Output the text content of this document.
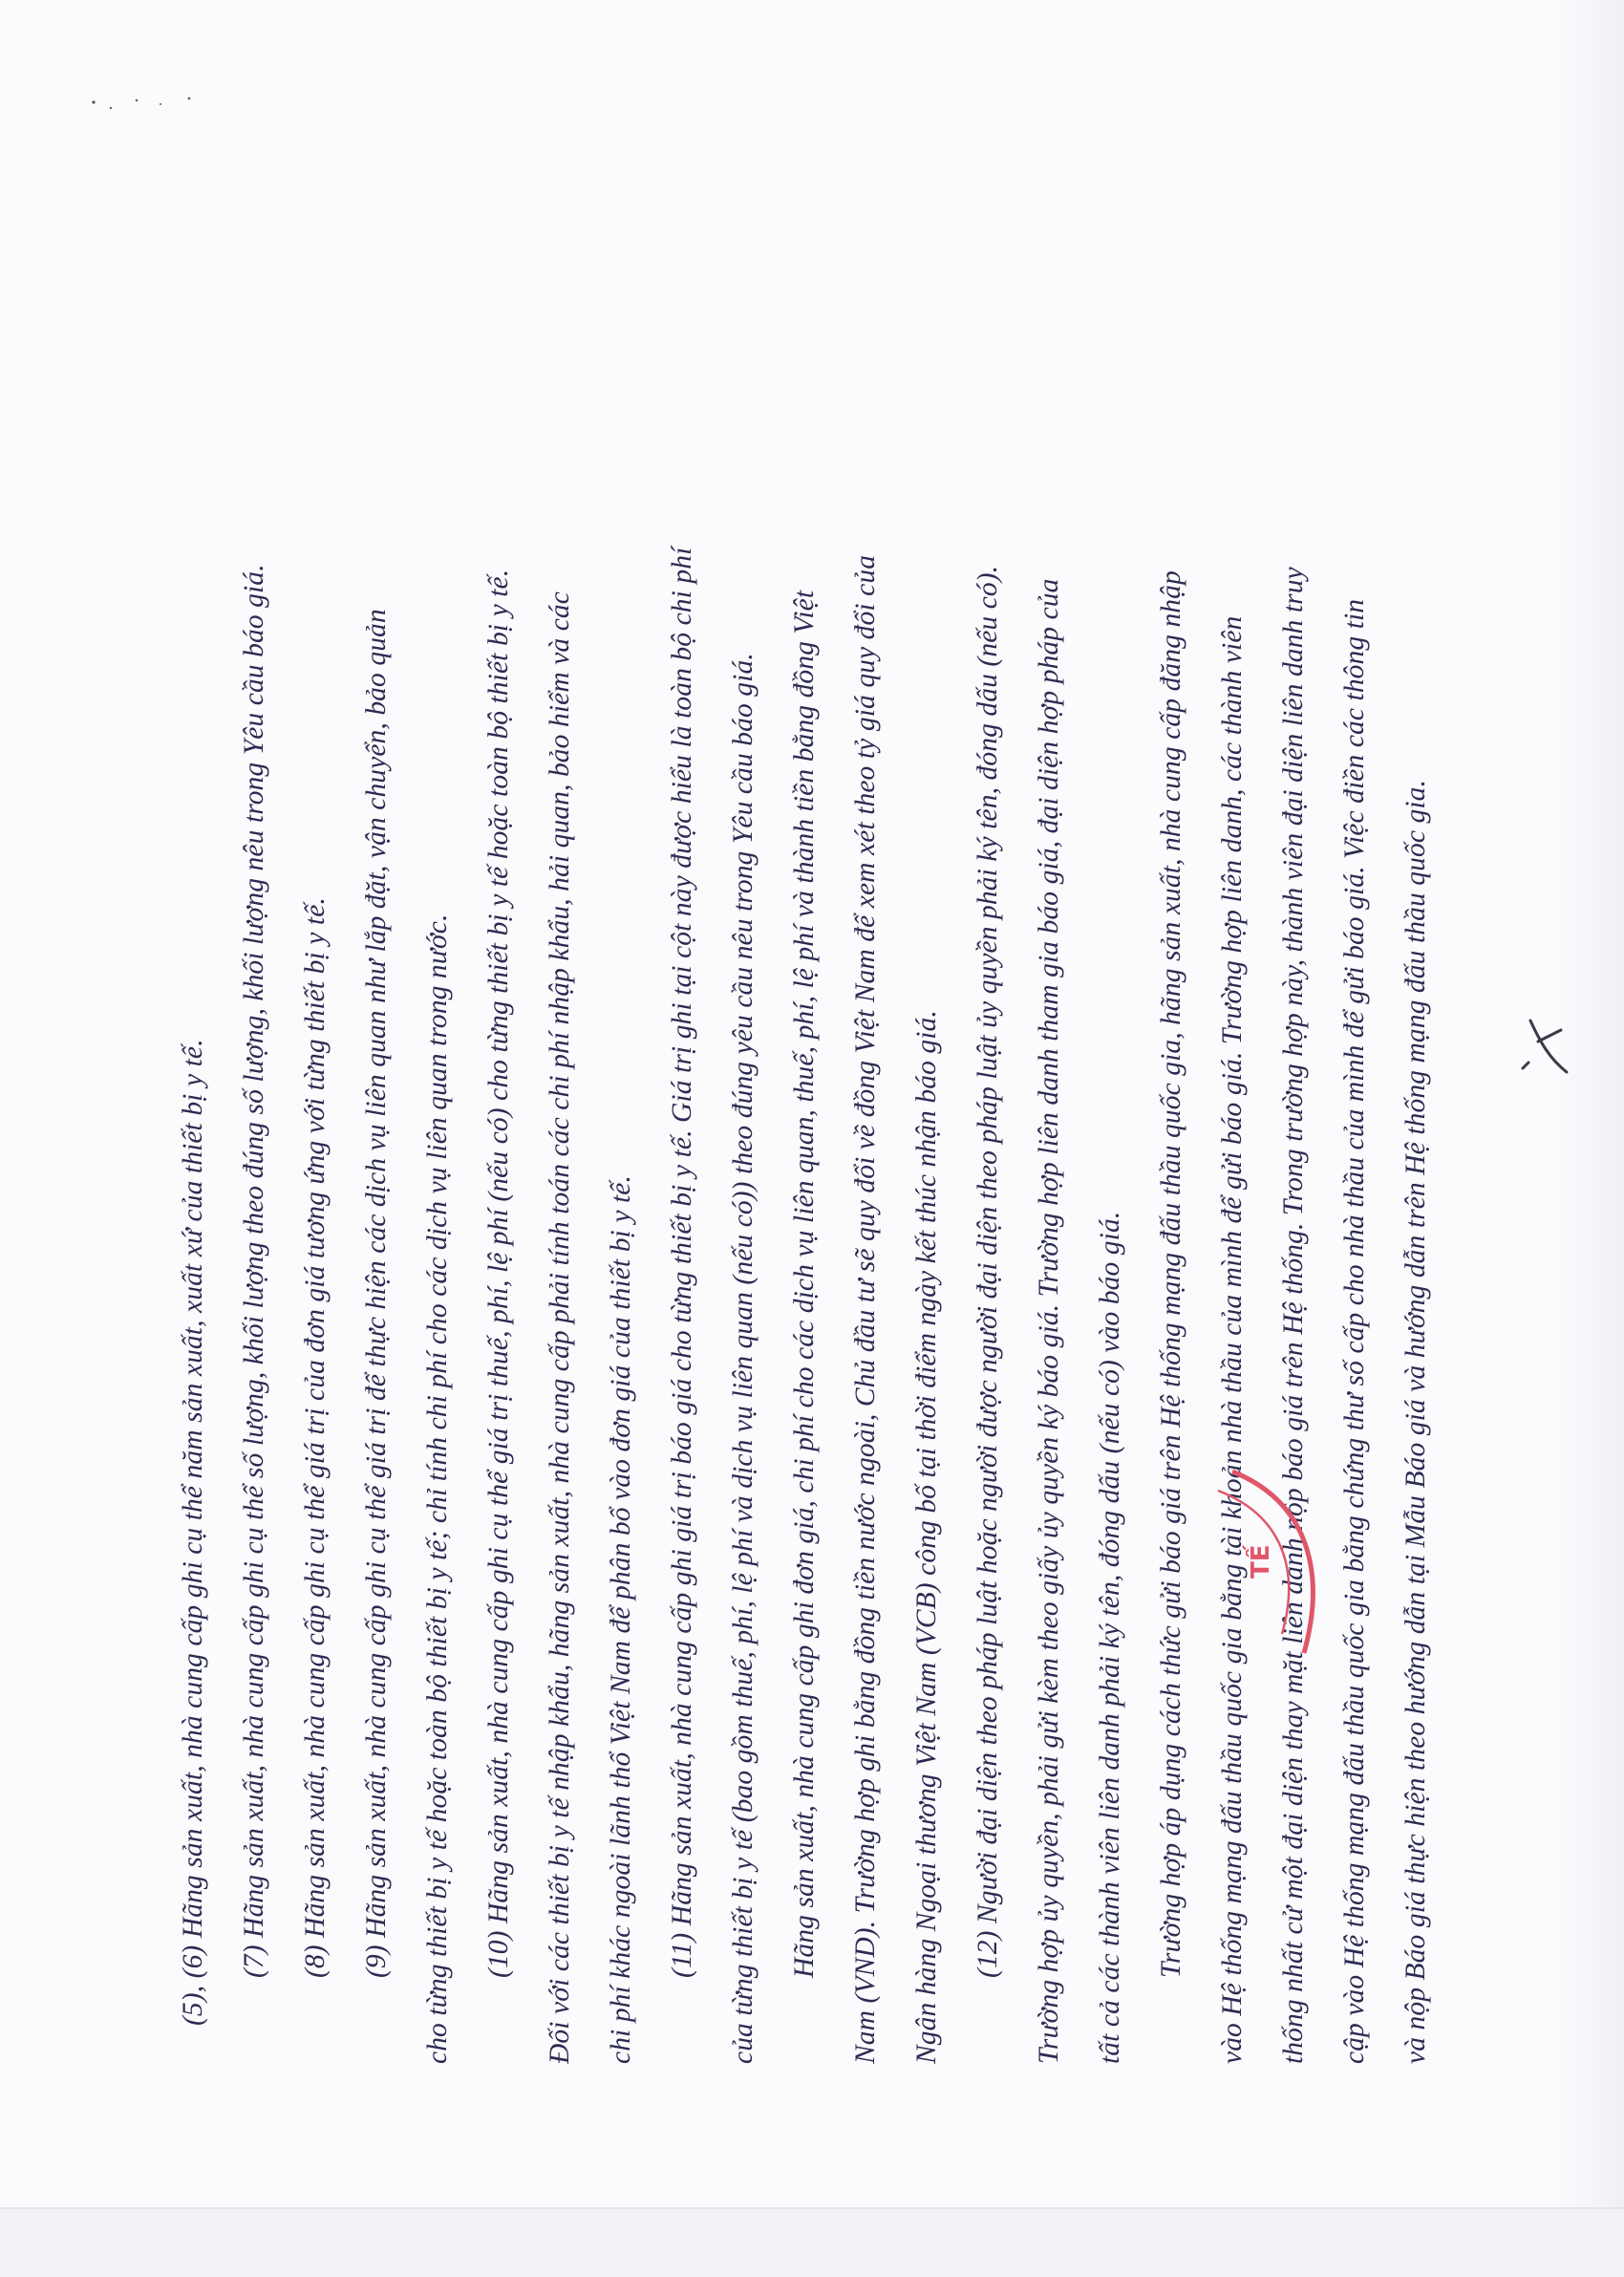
(5), (6) Hãng sản xuất, nhà cung cấp ghi cụ thể năm sản xuất, xuất xứ của thiết bị y tế. (7) Hãng sản xuất, nhà cung cấp ghi cụ thể số lượng, khối lượng theo đúng số lượng, khối lượng nêu trong Yêu cầu báo giá. (8) Hãng sản xuất, nhà cung cấp ghi cụ thể giá trị của đơn giá tương ứng với từng thiết bị y tế. (9) Hãng sản xuất, nhà cung cấp ghi cụ thể giá trị để thực hiện các dịch vụ liên quan như lắp đặt, vận chuyển, bảo quản cho từng thiết bị y tế hoặc toàn bộ thiết bị y tế; chỉ tính chi phí cho các dịch vụ liên quan trong nước. (10) Hãng sản xuất, nhà cung cấp ghi cụ thể giá trị thuế, phí, lệ phí (nếu có) cho từng thiết bị y tế hoặc toàn bộ thiết bị y tế. Đối với các thiết bị y tế nhập khẩu, hãng sản xuất, nhà cung cấp phải tính toán các chi phí nhập khẩu, hải quan, bảo hiểm và các chi phí khác ngoài lãnh thổ Việt Nam để phân bổ vào đơn giá của thiết bị y tế. (11) Hãng sản xuất, nhà cung cấp ghi giá trị báo giá cho từng thiết bị y tế. Giá trị ghi tại cột này được hiểu là toàn bộ chi phí của từng thiết bị y tế (bao gồm thuế, phí, lệ phí và dịch vụ liên quan (nếu có)) theo đúng yêu cầu nêu trong Yêu cầu báo giá. Hãng sản xuất, nhà cung cấp ghi đơn giá, chi phí cho các dịch vụ liên quan, thuế, phí, lệ phí và thành tiền bằng đồng Việt Nam (VND). Trường hợp ghi bằng đồng tiền nước ngoài, Chủ đầu tư sẽ quy đổi về đồng Việt Nam để xem xét theo tỷ giá quy đổi của Ngân hàng Ngoại thương Việt Nam (VCB) công bố tại thời điểm ngày kết thúc nhận báo giá. (12) Người đại diện theo pháp luật hoặc người được người đại diện theo pháp luật ủy quyền phải ký tên, đóng dấu (nếu có). Trường hợp ủy quyền, phải gửi kèm theo giấy ủy quyền ký báo giá. Trường hợp liên danh tham gia báo giá, đại diện hợp pháp của tất cả các thành viên liên danh phải ký tên, đóng dấu (nếu có) vào báo giá. Trường hợp áp dụng cách thức gửi báo giá trên Hệ thống mạng đấu thầu quốc gia, hãng sản xuất, nhà cung cấp đăng nhập vào Hệ thống mạng đấu thầu quốc gia bằng tài khoản nhà thầu của mình để gửi báo giá. Trường hợp liên danh, các thành viên thống nhất cử một đại diện thay mặt liên danh nộp báo giá trên Hệ thống. Trong trường hợp này, thành viên đại diện liên danh truy cập vào Hệ thống mạng đấu thầu quốc gia bằng chứng thư số cấp cho nhà thầu của mình để gửi báo giá. Việc điền các thông tin và nộp Báo giá thực hiện theo hướng dẫn tại Mẫu Báo giá và hướng dẫn trên Hệ thống mạng đấu thầu quốc gia.
TẾ
